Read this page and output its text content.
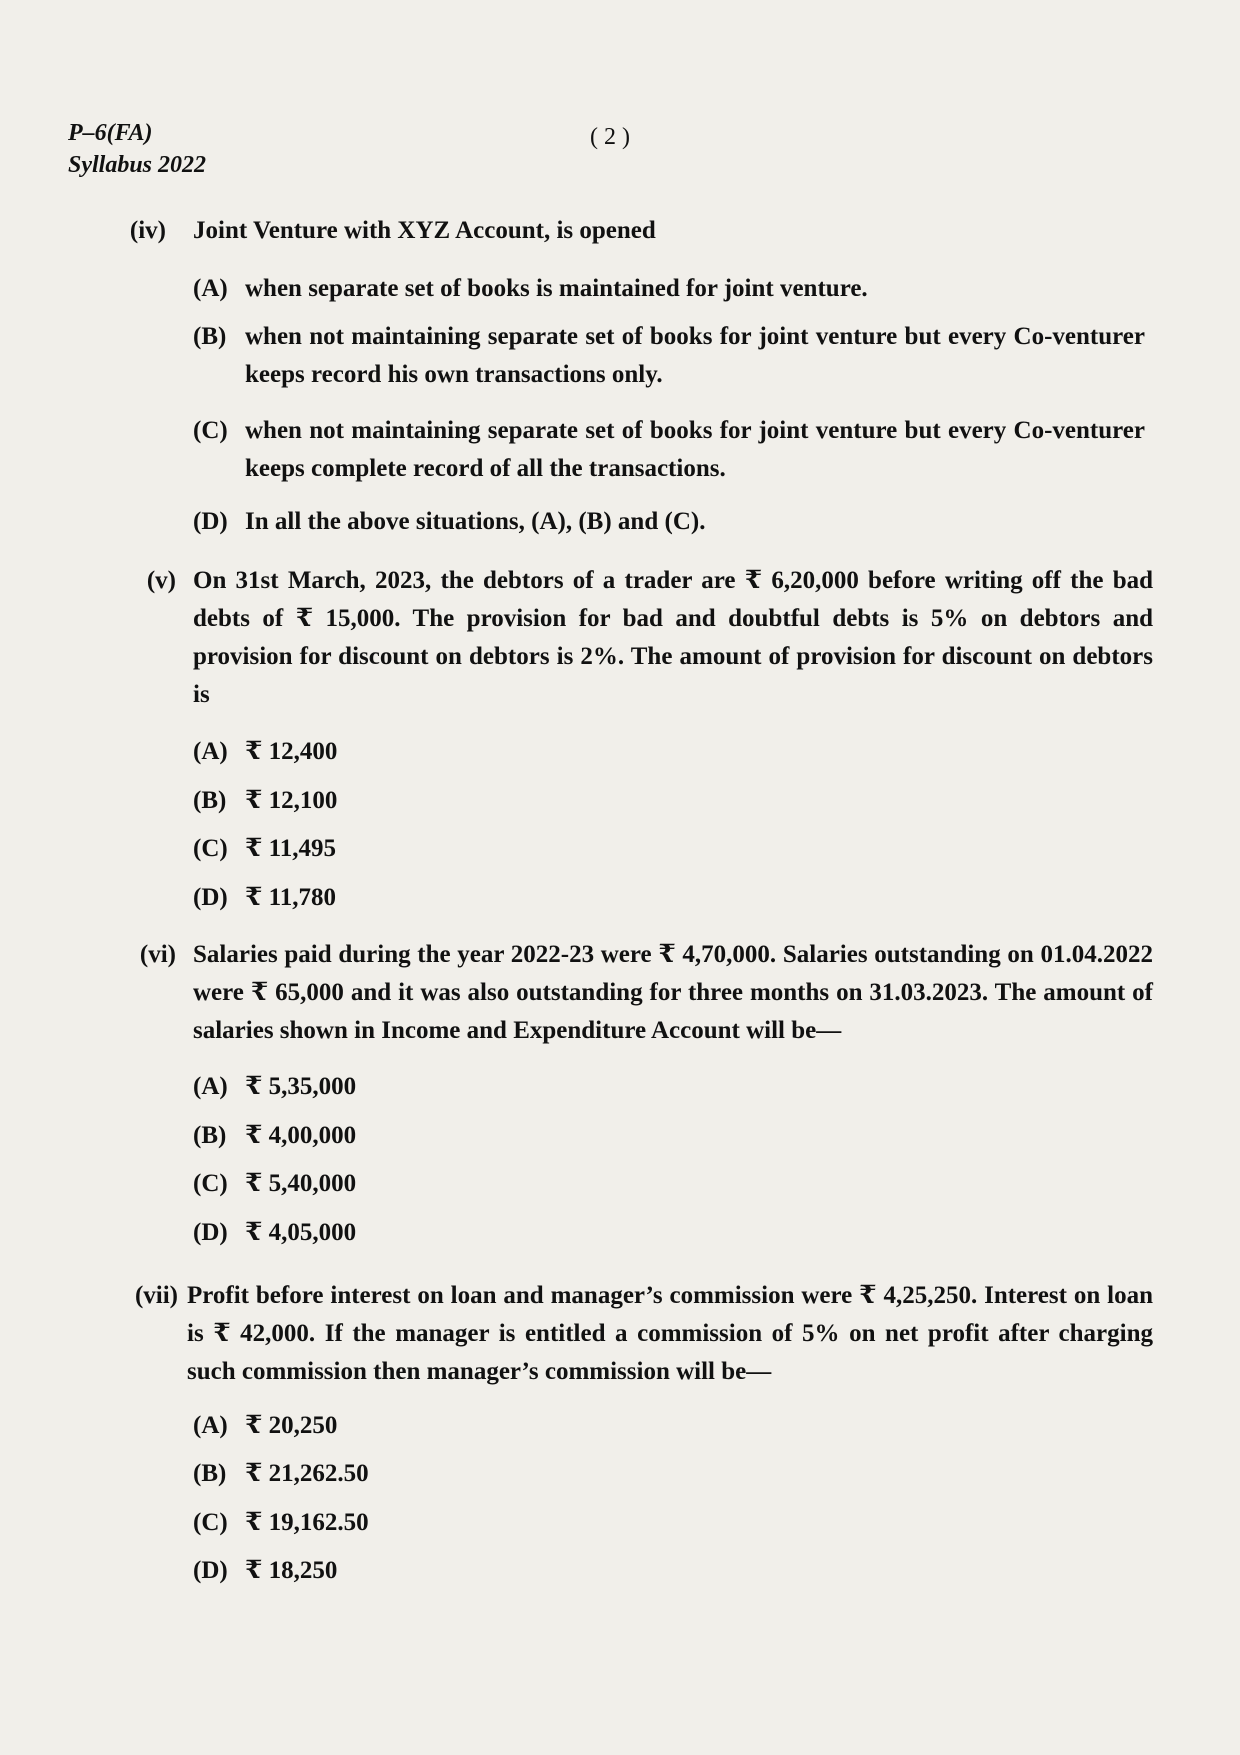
P–6(FA)
Syllabus 2022
( 2 )
(iv) Joint Venture with XYZ Account, is opened
(A) when separate set of books is maintained for joint venture.
(B) when not maintaining separate set of books for joint venture but every Co-venturer keeps record his own transactions only.
(C) when not maintaining separate set of books for joint venture but every Co-venturer keeps complete record of all the transactions.
(D) In all the above situations, (A), (B) and (C).
(v) On 31st March, 2023, the debtors of a trader are ₹ 6,20,000 before writing off the bad debts of ₹ 15,000. The provision for bad and doubtful debts is 5% on debtors and provision for discount on debtors is 2%. The amount of provision for discount on debtors is
(A) ₹ 12,400
(B) ₹ 12,100
(C) ₹ 11,495
(D) ₹ 11,780
(vi) Salaries paid during the year 2022-23 were ₹ 4,70,000. Salaries outstanding on 01.04.2022 were ₹ 65,000 and it was also outstanding for three months on 31.03.2023. The amount of salaries shown in Income and Expenditure Account will be—
(A) ₹ 5,35,000
(B) ₹ 4,00,000
(C) ₹ 5,40,000
(D) ₹ 4,05,000
(vii) Profit before interest on loan and manager’s commission were ₹ 4,25,250. Interest on loan is ₹ 42,000. If the manager is entitled a commission of 5% on net profit after charging such commission then manager’s commission will be—
(A) ₹ 20,250
(B) ₹ 21,262.50
(C) ₹ 19,162.50
(D) ₹ 18,250
